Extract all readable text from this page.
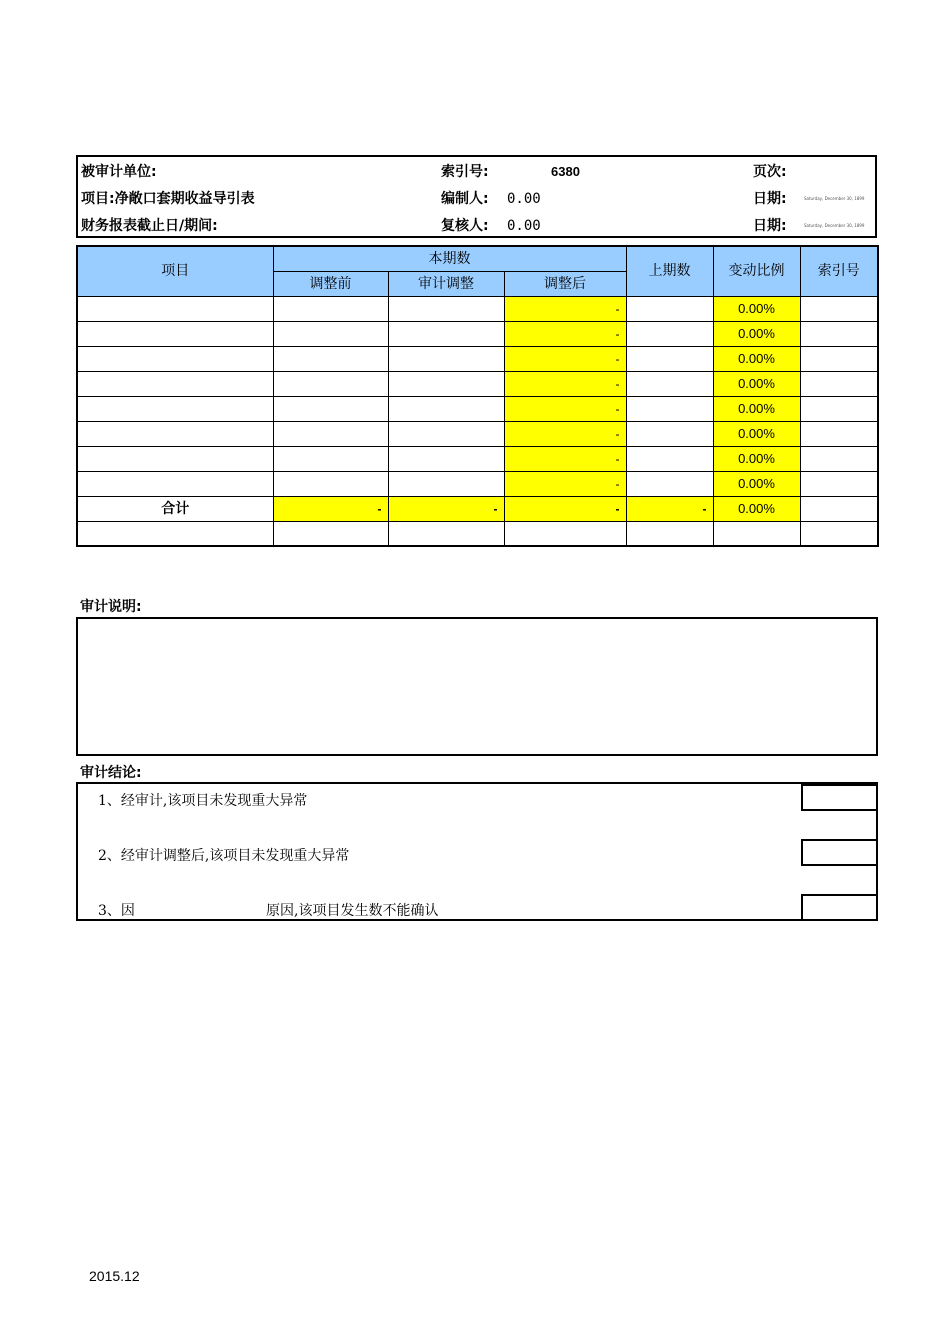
被审计单位:	索引号:	6380	页次:
项目:净敞口套期收益导引表	编制人: 0.00	日期:	Saturday, December 30, 1899
财务报表截止日/期间:	复核人: 0.00	日期:	Saturday, December 30, 1899
项目	本期数			上期数	变动比例	索引号
	调整前	审计调整	调整后			
			-		0.00%	
			-		0.00%	
			-		0.00%	
			-		0.00%	
			-		0.00%	
			-		0.00%	
			-		0.00%	
			-		0.00%	
合计	-	-	-	-	0.00%	

审计说明:
审计结论:
1、经审计,该项目未发现重大异常
2、经审计调整后,该项目未发现重大异常
3、因	原因,该项目发生数不能确认
2015.12
